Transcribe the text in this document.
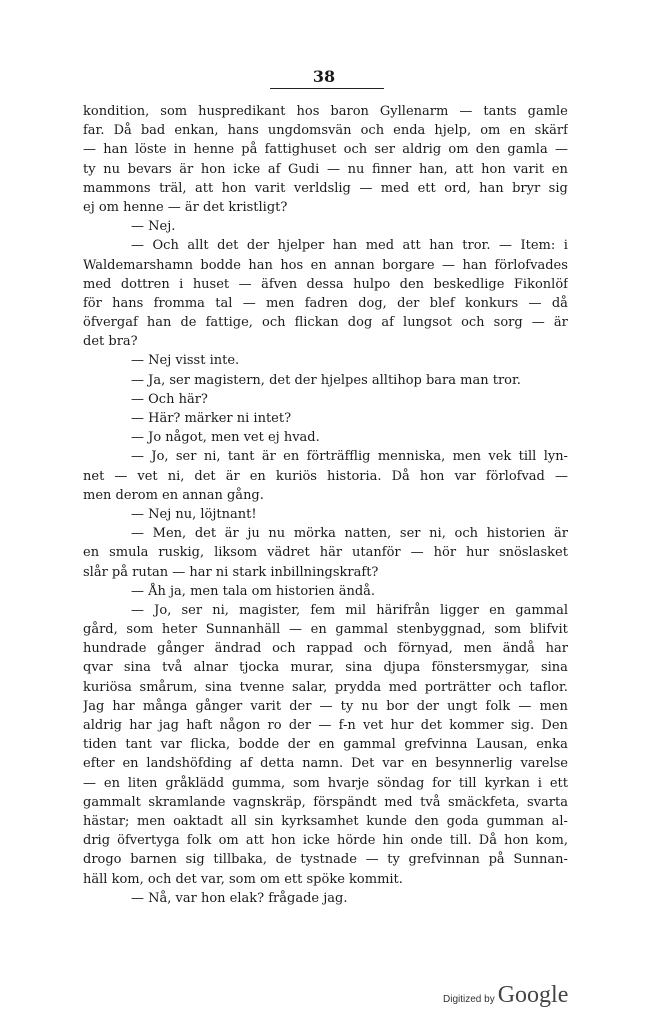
38
kondition, som huspredikant hos baron Gyllenarm — tants gamle
far. Då bad enkan, hans ungdomsvän och enda hjelp, om en skärf
— han löste in henne på fattighuset och ser aldrig om den gamla —
ty nu bevars är hon icke af Gudi — nu finner han, att hon varit en
mammons träl, att hon varit verldslig — med ett ord, han bryr sig
ej om henne — är det kristligt?
— Nej.
— Och allt det der hjelper han med att han tror. — Item: i
Waldemarshamn bodde han hos en annan borgare — han förlofvades
med dottren i huset — äfven dessa hulpo den beskedlige Fikonlöf
för hans fromma tal — men fadren dog, der blef konkurs — då
öfvergaf han de fattige, och flickan dog af lungsot och sorg — är
det bra?
— Nej visst inte.
— Ja, ser magistern, det der hjelpes alltihop bara man tror.
— Och här?
— Här? märker ni intet?
— Jo något, men vet ej hvad.
— Jo, ser ni, tant är en förträfflig menniska, men vek till lyn-
net — vet ni, det är en kuriös historia. Då hon var förlofvad —
men derom en annan gång.
— Nej nu, löjtnant!
— Men, det är ju nu mörka natten, ser ni, och historien är
en smula ruskig, liksom vädret här utanför — hör hur snöslasket
slår på rutan — har ni stark inbillningskraft?
— Åh ja, men tala om historien ändå.
— Jo, ser ni, magister, fem mil härifrån ligger en gammal
gård, som heter Sunnanhäll — en gammal stenbyggnad, som blifvit
hundrade gånger ändrad och rappad och förnyad, men ändå har
qvar sina två alnar tjocka murar, sina djupa fönstersmygar, sina
kuriösa smårum, sina tvenne salar, prydda med porträtter och taflor.
Jag har många gånger varit der — ty nu bor der ungt folk — men
aldrig har jag haft någon ro der — f-n vet hur det kommer sig. Den
tiden tant var flicka, bodde der en gammal grefvinna Lausan, enka
efter en landshöfding af detta namn. Det var en besynnerlig varelse
— en liten gråklädd gumma, som hvarje söndag for till kyrkan i ett
gammalt skramlande vagnskräp, förspändt med två smäckfeta, svarta
hästar; men oaktadt all sin kyrksamhet kunde den goda gumman al-
drig öfvertyga folk om att hon icke hörde hin onde till. Då hon kom,
drogo barnen sig tillbaka, de tystnade — ty grefvinnan på Sunnan-
häll kom, och det var, som om ett spöke kommit.
— Nå, var hon elak? frågade jag.
Digitized by Google
